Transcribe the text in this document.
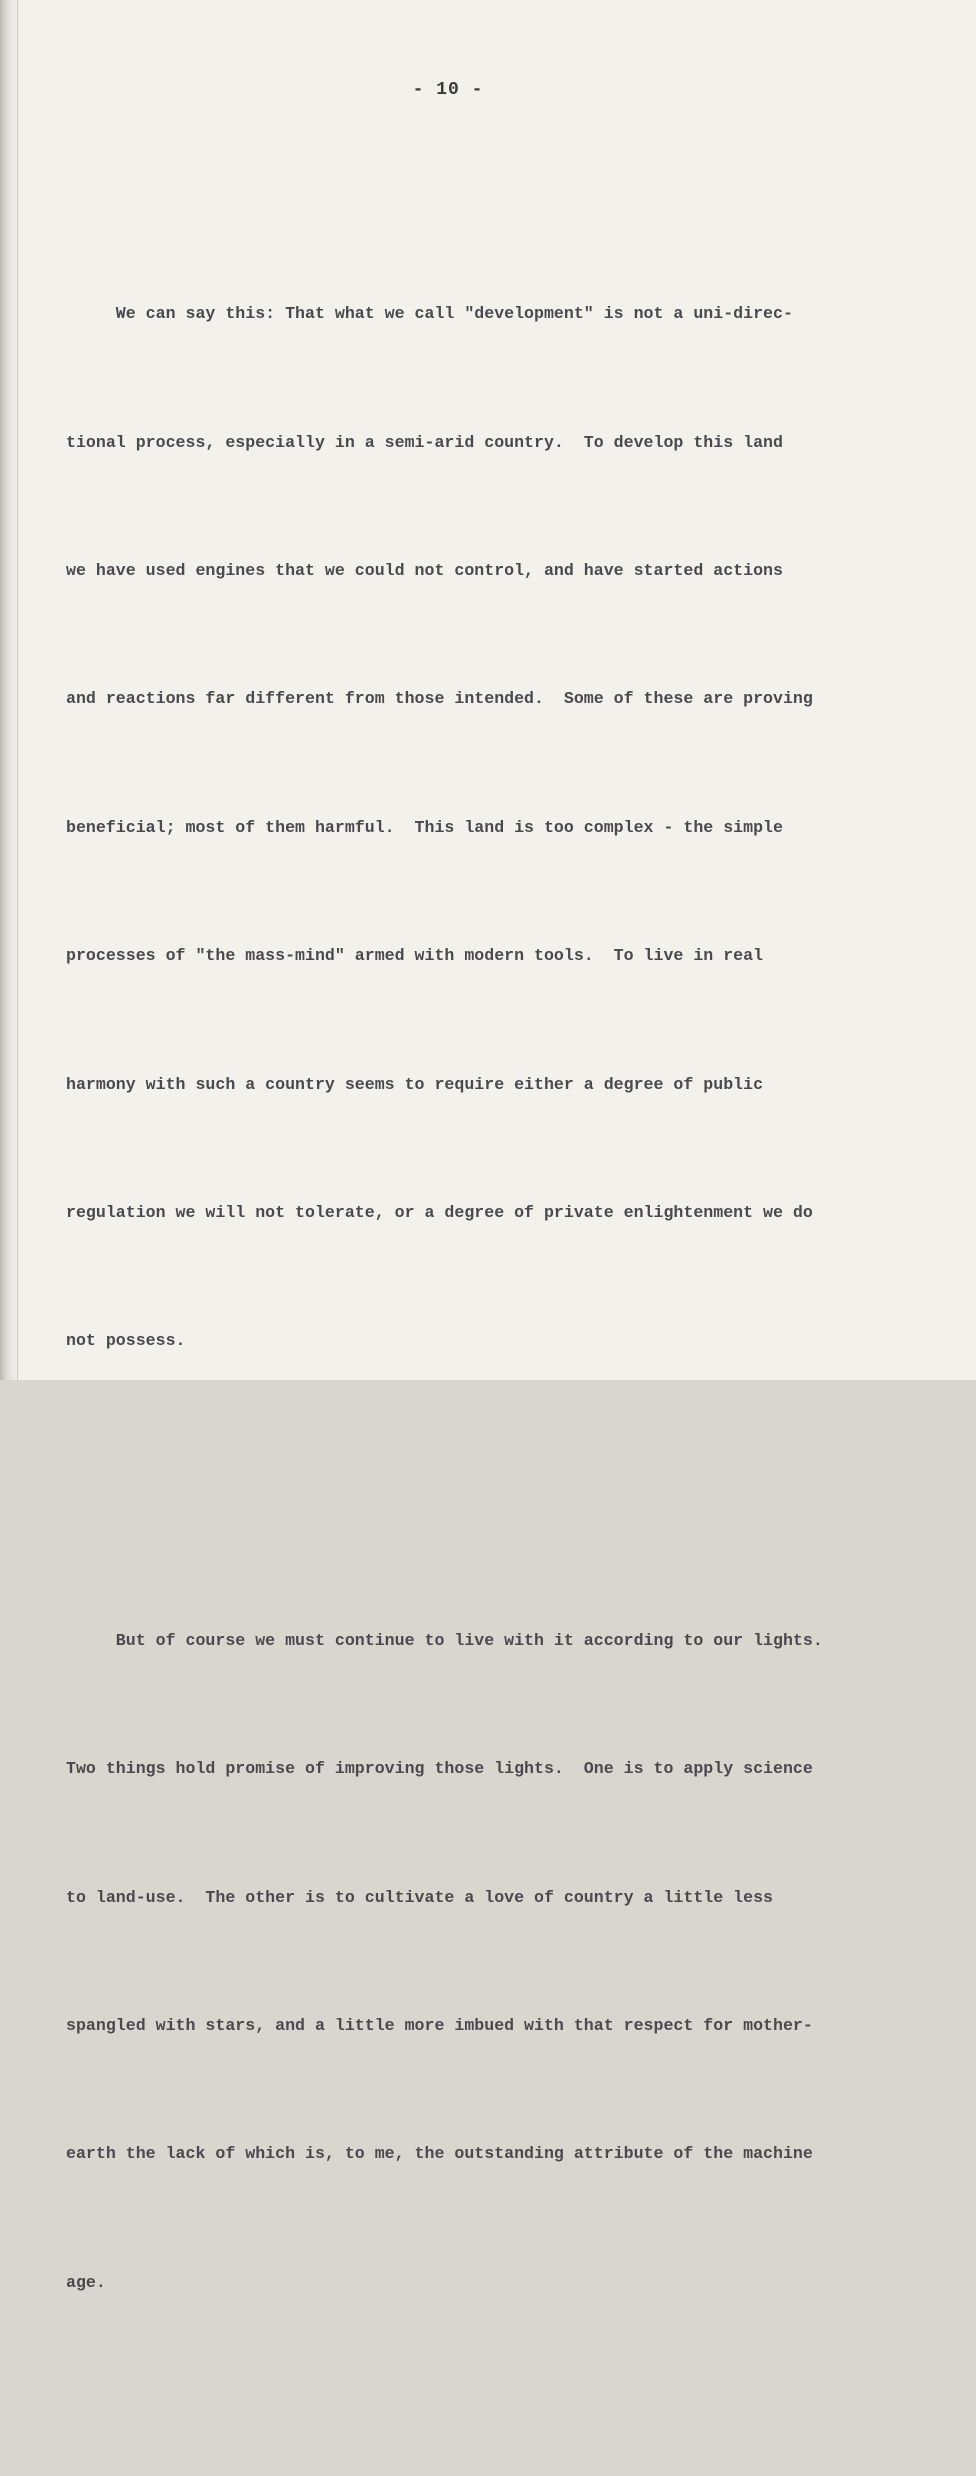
- 10 -

We can say this: That what we call "development" is not a uni-direc-

tional process, especially in a semi-arid country.  To develop this land

we have used engines that we could not control, and have started actions

and reactions far different from those intended.  Some of these are proving

beneficial; most of them harmful.  This land is too complex - the simple

processes of "the mass-mind" armed with modern tools.  To live in real

harmony with such a country seems to require either a degree of public

regulation we will not tolerate, or a degree of private enlightenment we do

not possess.

But of course we must continue to live with it according to our lights.

Two things hold promise of improving those lights.  One is to apply science

to land-use.  The other is to cultivate a love of country a little less

spangled with stars, and a little more imbued with that respect for mother-

earth the lack of which is, to me, the outstanding attribute of the machine

age.
